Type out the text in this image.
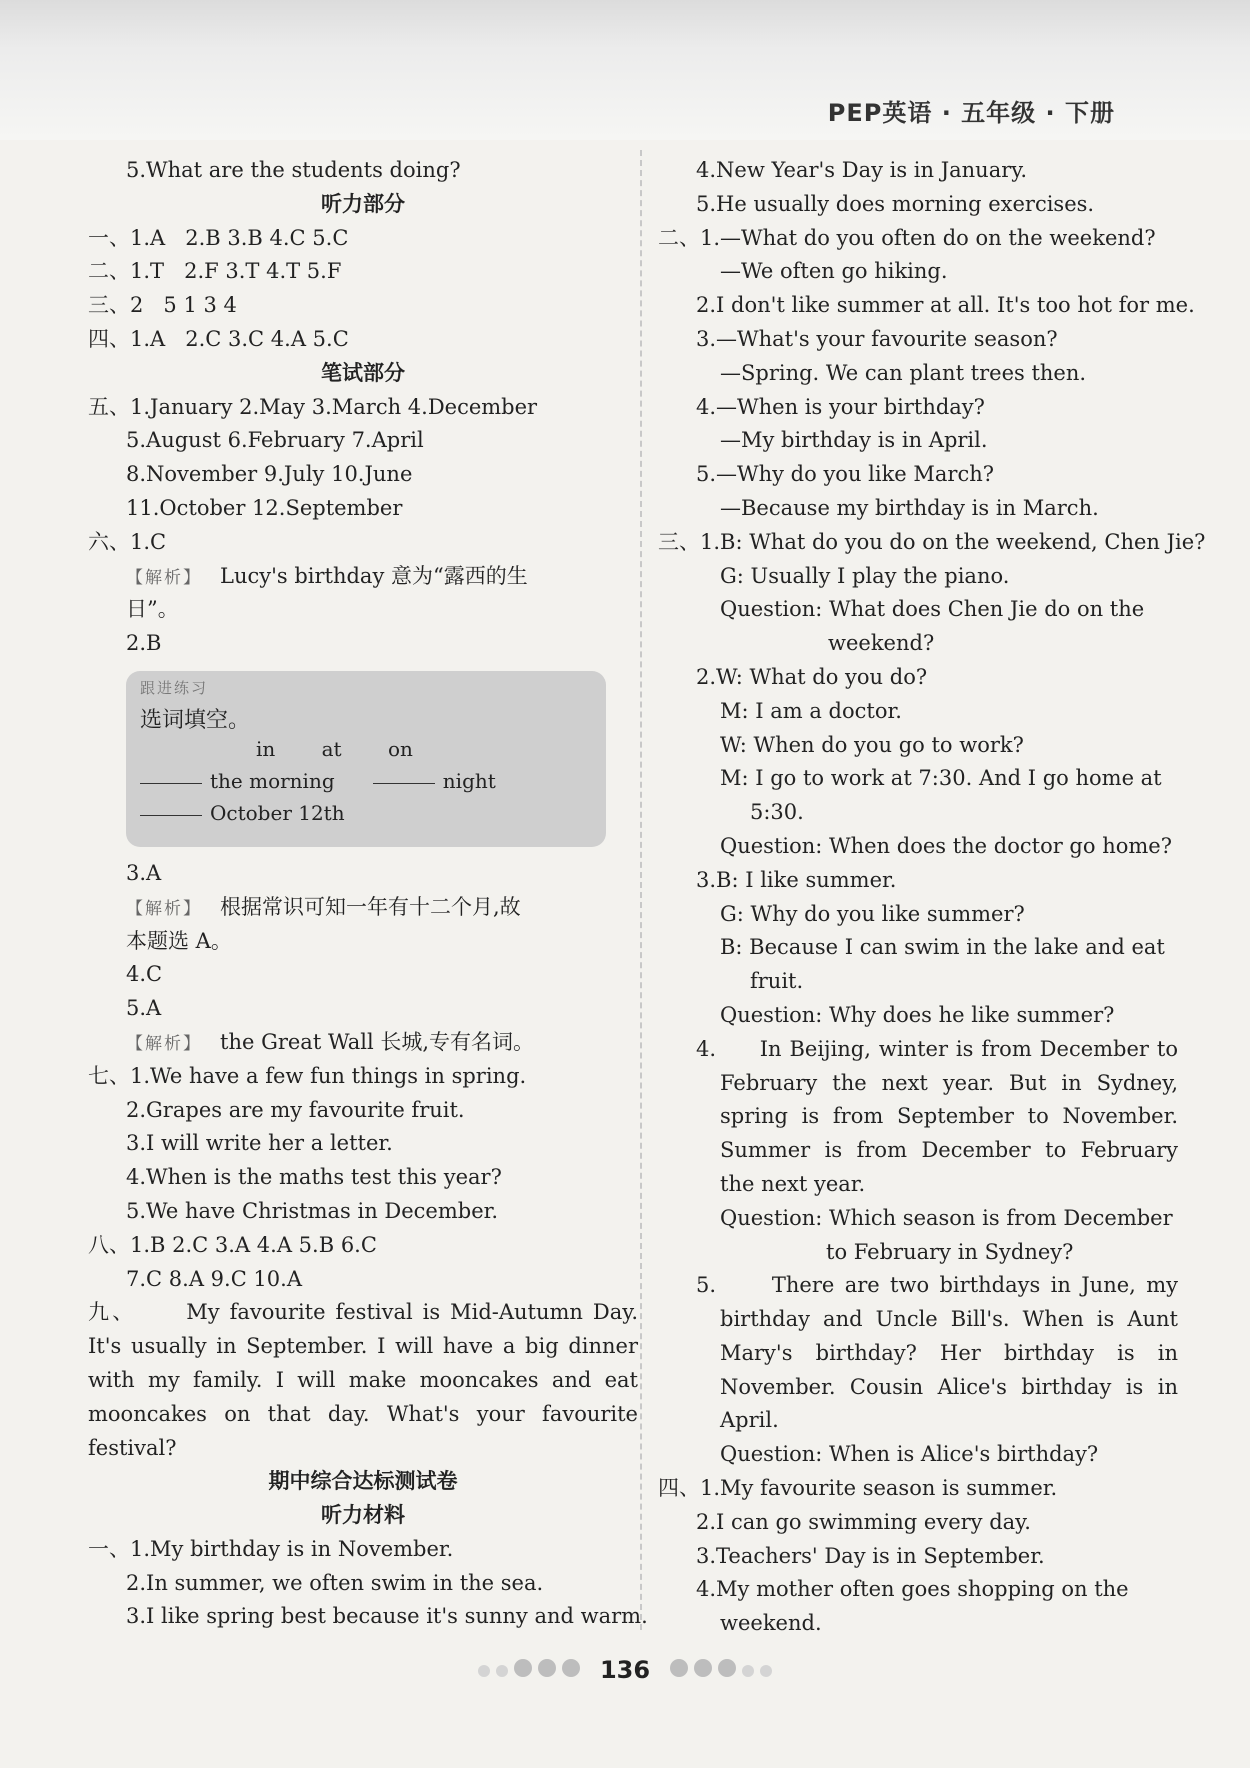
PEP英语 · 五年级 · 下册
5.What are the students doing?
听力部分
一、1.A 2.B 3.B 4.C 5.C
二、1.T 2.F 3.T 4.T 5.F
三、2 5 1 3 4
四、1.A 2.C 3.C 4.A 5.C
笔试部分
五、1.January 2.May 3.March 4.December
5.August 6.February 7.April
8.November 9.July 10.June
11.October 12.September
六、1.C
【解析】 Lucy's birthday 意为“露西的生
日”。
2.B
跟进练习
选词填空。
in at on
the morning	night
October 12th
3.A
【解析】 根据常识可知一年有十二个月,故
本题选 A。
4.C
5.A
【解析】 the Great Wall 长城,专有名词。
七、1.We have a few fun things in spring.
2.Grapes are my favourite fruit.
3.I will write her a letter.
4.When is the maths test this year?
5.We have Christmas in December.
八、1.B 2.C 3.A 4.A 5.B 6.C
7.C 8.A 9.C 10.A
九、 My favourite festival is Mid-Autumn Day. It's usually in September. I will have a big dinner with my family. I will make mooncakes and eat mooncakes on that day. What's your favourite festival?
期中综合达标测试卷
听力材料
一、1.My birthday is in November.
2.In summer, we often swim in the sea.
3.I like spring best because it's sunny and warm.
4.New Year's Day is in January.
5.He usually does morning exercises.
二、1.—What do you often do on the weekend?
—We often go hiking.
2.I don't like summer at all. It's too hot for me.
3.—What's your favourite season?
—Spring. We can plant trees then.
4.—When is your birthday?
—My birthday is in April.
5.—Why do you like March?
—Because my birthday is in March.
三、1.B: What do you do on the weekend, Chen Jie?
G: Usually I play the piano.
Question: What does Chen Jie do on the
weekend?
2.W: What do you do?
M: I am a doctor.
W: When do you go to work?
M: I go to work at 7:30. And I go home at
5:30.
Question: When does the doctor go home?
3.B: I like summer.
G: Why do you like summer?
B: Because I can swim in the lake and eat
fruit.
Question: Why does he like summer?
4. In Beijing, winter is from December to February the next year. But in Sydney, spring is from September to November. Summer is from December to February the next year.
Question: Which season is from December
to February in Sydney?
5.	There are two birthdays in June, my birthday and Uncle Bill's. When is Aunt Mary's birthday? Her birthday is in November. Cousin Alice's birthday is in April.
Question: When is Alice's birthday?
四、1.My favourite season is summer.
2.I can go swimming every day.
3.Teachers' Day is in September.
4.My mother often goes shopping on the
weekend.
136
